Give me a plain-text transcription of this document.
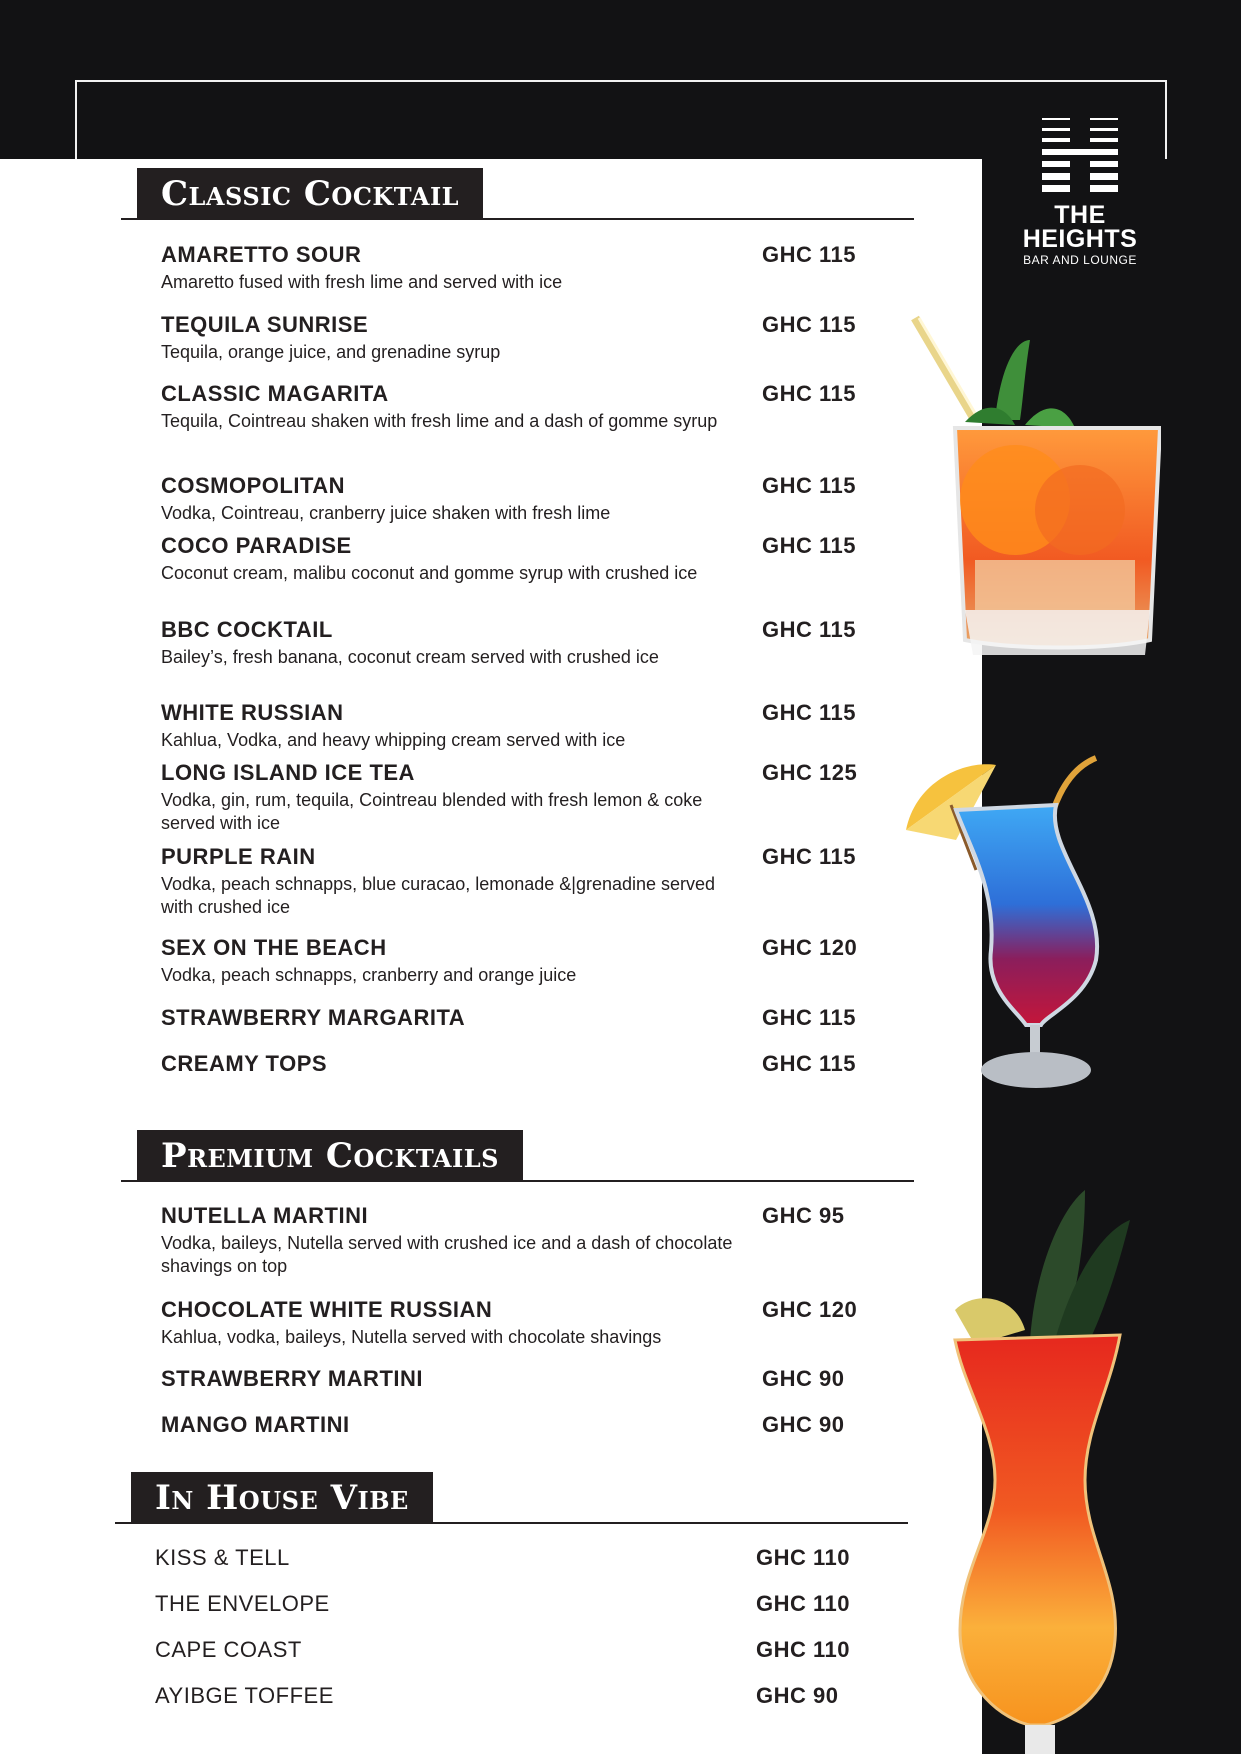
THE
HEIGHTS
BAR AND LOUNGE
Classic Cocktail
AMARETTO SOUR	GHC 115
Amaretto fused with fresh lime and served with ice
TEQUILA SUNRISE	GHC 115
Tequila, orange juice, and grenadine syrup
CLASSIC MAGARITA	GHC 115
Tequila, Cointreau shaken with fresh lime and a dash of gomme syrup
COSMOPOLITAN	GHC 115
Vodka, Cointreau, cranberry juice shaken with fresh lime
COCO PARADISE	GHC 115
Coconut cream, malibu coconut and gomme syrup with crushed ice
BBC COCKTAIL	GHC 115
Bailey’s, fresh banana, coconut cream served with crushed ice
WHITE RUSSIAN	GHC 115
Kahlua, Vodka, and heavy whipping cream served with ice
LONG ISLAND ICE TEA	GHC 125
Vodka, gin, rum, tequila, Cointreau blended with fresh lemon & coke served with ice
PURPLE RAIN	GHC 115
Vodka, peach schnapps, blue curacao, lemonade &|grenadine served with crushed ice
SEX ON THE BEACH	GHC 120
Vodka, peach schnapps, cranberry and orange juice
STRAWBERRY MARGARITA	GHC 115
CREAMY TOPS	GHC 115
Premium Cocktails
NUTELLA MARTINI	GHC 95
Vodka, baileys, Nutella served with crushed ice and a dash of chocolate shavings on top
CHOCOLATE WHITE RUSSIAN	GHC 120
Kahlua, vodka, baileys, Nutella served with chocolate shavings
STRAWBERRY MARTINI	GHC 90
MANGO MARTINI	GHC 90
In House Vibe
KISS & TELL	GHC 110
THE ENVELOPE	GHC 110
CAPE COAST	GHC 110
AYIBGE TOFFEE	GHC 90
